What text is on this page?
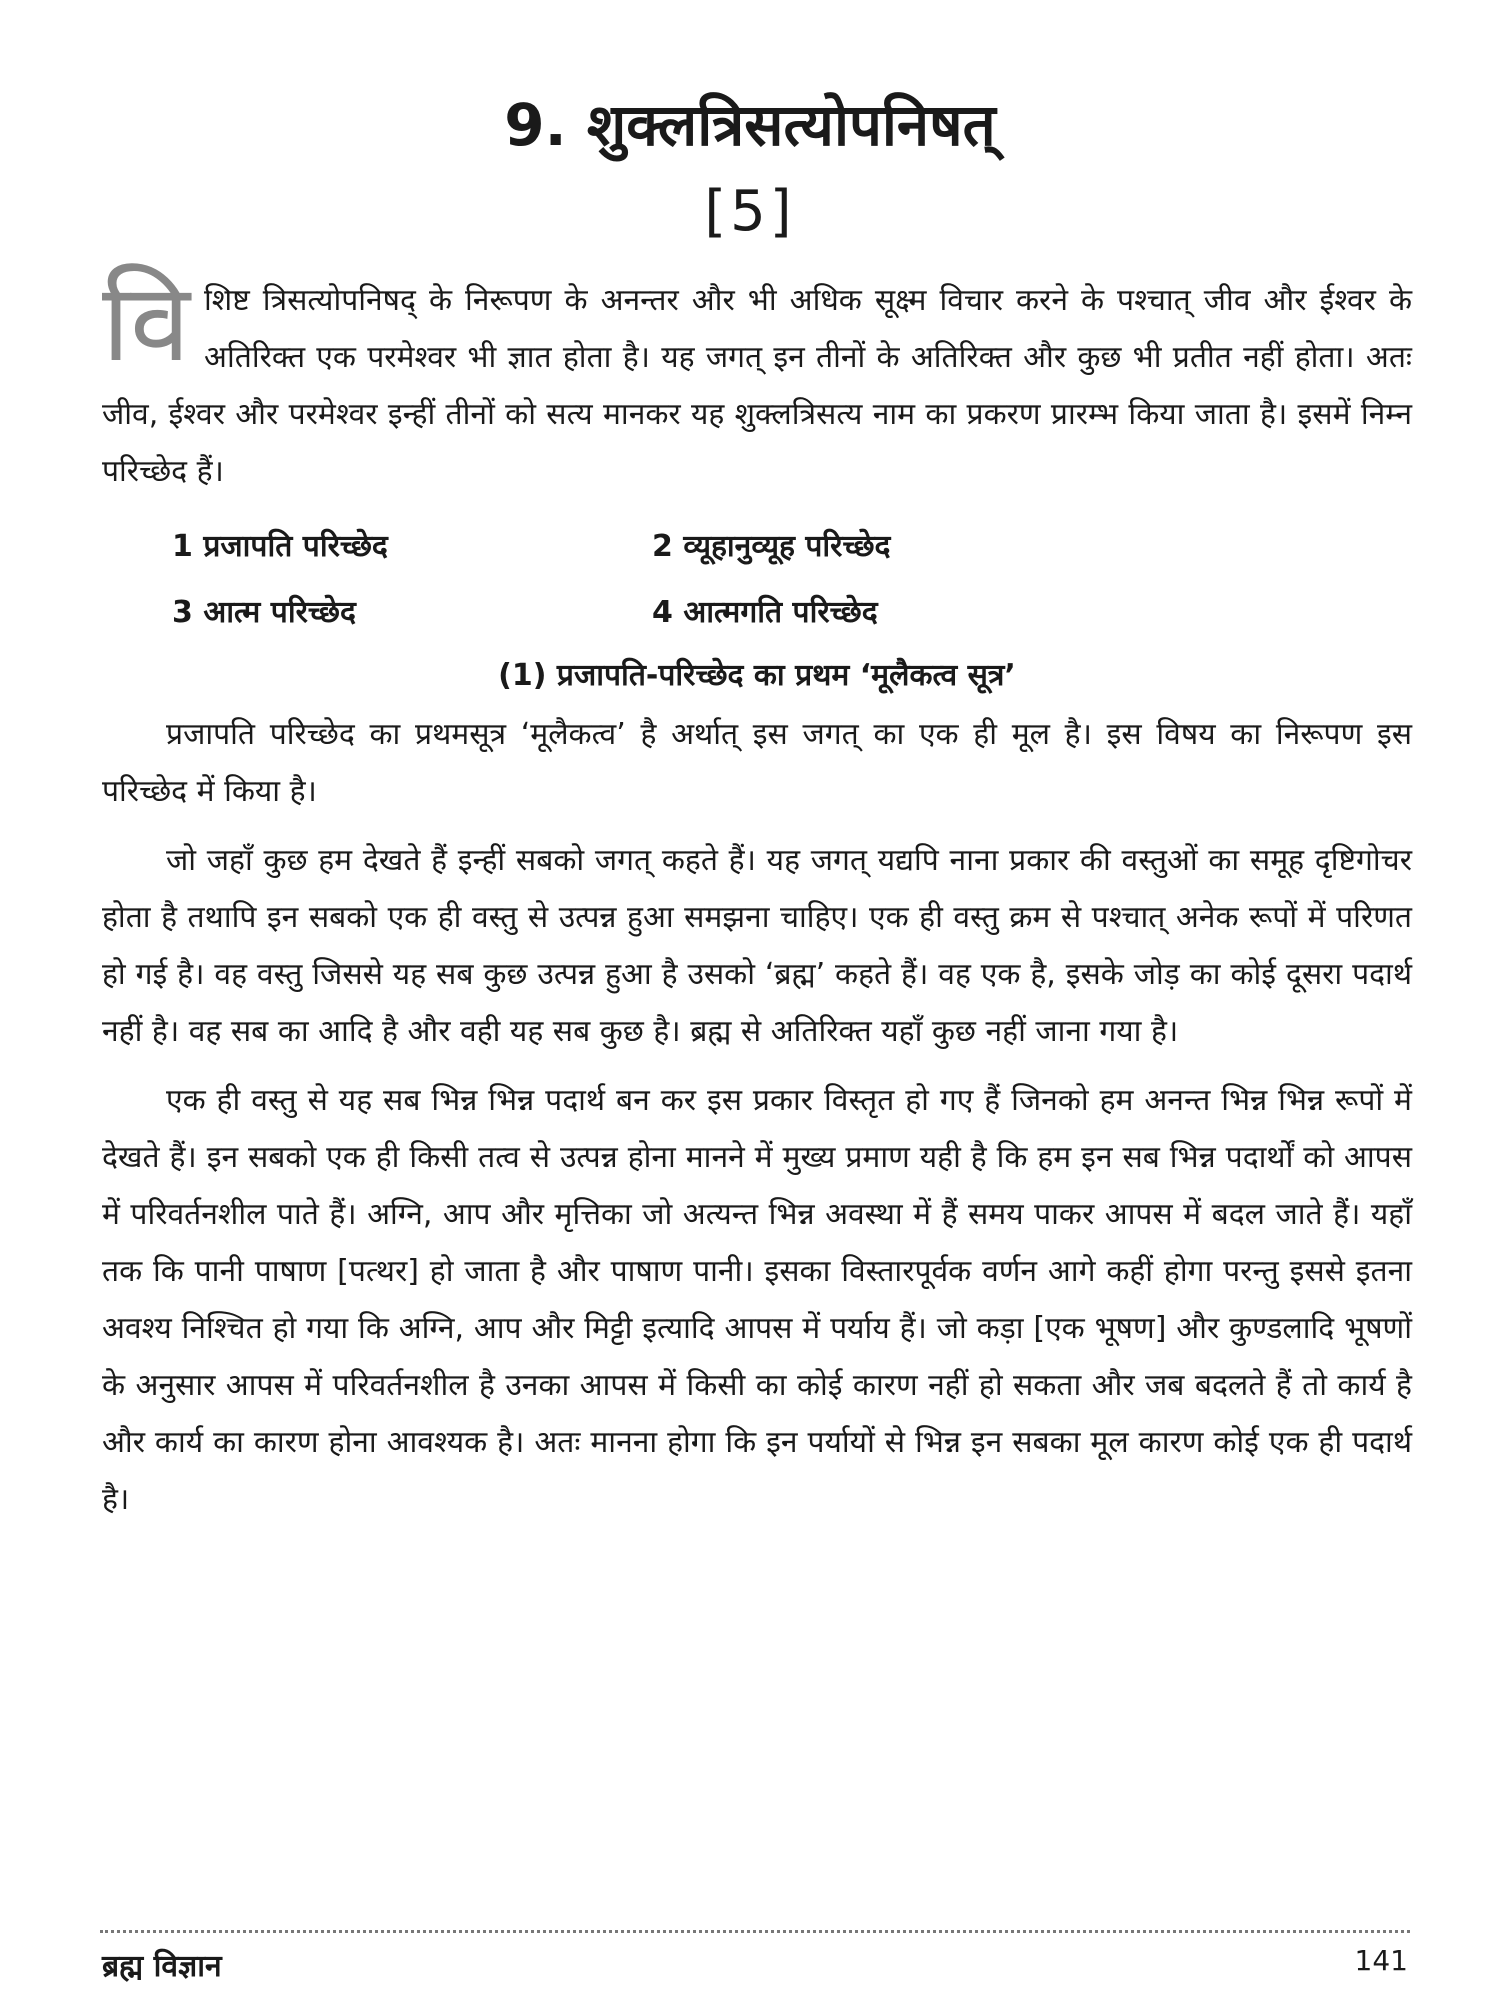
9. शुक्लत्रिसत्योपनिषत्
[5]

विशिष्ट त्रिसत्योपनिषद् के निरूपण के अनन्तर और भी अधिक सूक्ष्म विचार करने के पश्चात् जीव और ईश्वर के अतिरिक्त एक परमेश्वर भी ज्ञात होता है। यह जगत् इन तीनों के अतिरिक्त और कुछ भी प्रतीत नहीं होता। अतः जीव, ईश्वर और परमेश्वर इन्हीं तीनों को सत्य मानकर यह शुक्लत्रिसत्य नाम का प्रकरण प्रारम्भ किया जाता है। इसमें निम्न परिच्छेद हैं।

1 प्रजापति परिच्छेद	2 व्यूहानुव्यूह परिच्छेद
3 आत्म परिच्छेद	4 आत्मगति परिच्छेद

(1) प्रजापति-परिच्छेद का प्रथम ‘मूलैकत्व सूत्र’

प्रजापति परिच्छेद का प्रथमसूत्र ‘मूलैकत्व’ है अर्थात् इस जगत् का एक ही मूल है। इस विषय का निरूपण इस परिच्छेद में किया है।

जो जहाँ कुछ हम देखते हैं इन्हीं सबको जगत् कहते हैं। यह जगत् यद्यपि नाना प्रकार की वस्तुओं का समूह दृष्टिगोचर होता है तथापि इन सबको एक ही वस्तु से उत्पन्न हुआ समझना चाहिए। एक ही वस्तु क्रम से पश्चात् अनेक रूपों में परिणत हो गई है। वह वस्तु जिससे यह सब कुछ उत्पन्न हुआ है उसको ‘ब्रह्म’ कहते हैं। वह एक है, इसके जोड़ का कोई दूसरा पदार्थ नहीं है। वह सब का आदि है और वही यह सब कुछ है। ब्रह्म से अतिरिक्त यहाँ कुछ नहीं जाना गया है।

एक ही वस्तु से यह सब भिन्न भिन्न पदार्थ बन कर इस प्रकार विस्तृत हो गए हैं जिनको हम अनन्त भिन्न भिन्न रूपों में देखते हैं। इन सबको एक ही किसी तत्व से उत्पन्न होना मानने में मुख्य प्रमाण यही है कि हम इन सब भिन्न पदार्थों को आपस में परिवर्तनशील पाते हैं। अग्नि, आप और मृत्तिका जो अत्यन्त भिन्न अवस्था में हैं समय पाकर आपस में बदल जाते हैं। यहाँ तक कि पानी पाषाण [पत्थर] हो जाता है और पाषाण पानी। इसका विस्तारपूर्वक वर्णन आगे कहीं होगा परन्तु इससे इतना अवश्य निश्चित हो गया कि अग्नि, आप और मिट्टी इत्यादि आपस में पर्याय हैं। जो कड़ा [एक भूषण] और कुण्डलादि भूषणों के अनुसार आपस में परिवर्तनशील है उनका आपस में किसी का कोई कारण नहीं हो सकता और जब बदलते हैं तो कार्य है और कार्य का कारण होना आवश्यक है। अतः मानना होगा कि इन पर्यायों से भिन्न इन सबका मूल कारण कोई एक ही पदार्थ है।

ब्रह्म विज्ञान	141
